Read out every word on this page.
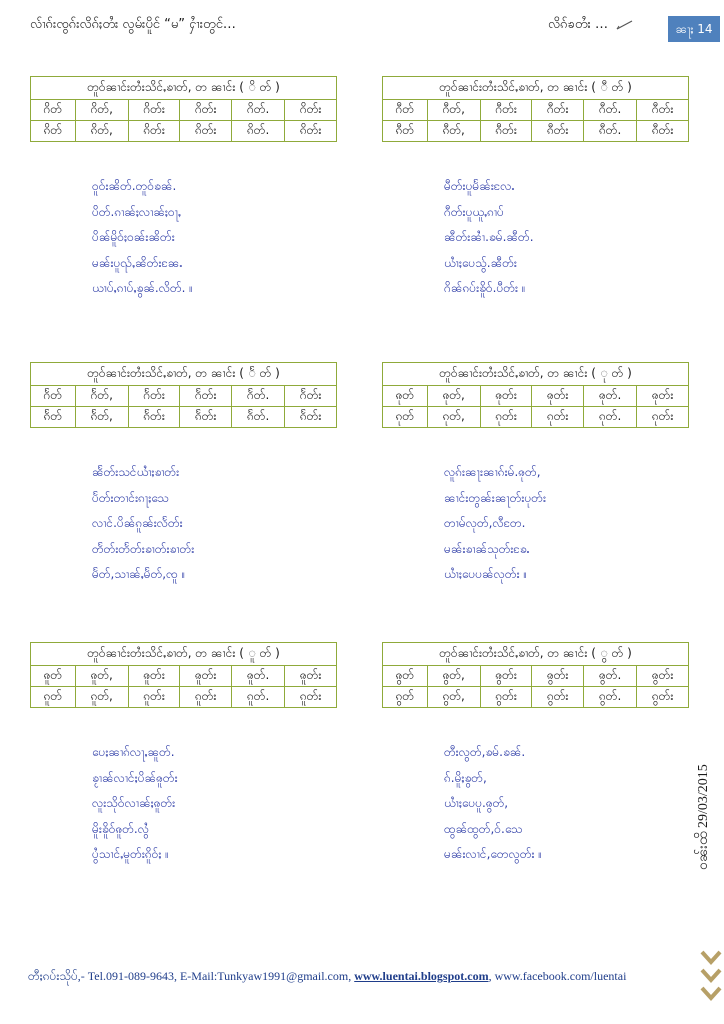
လ်ၢၵ်းၸွၵ်းလိၵ်ႈတႆး လွမ်းပိူင် “မ” ႁၢႆးတွင်…	လိၵ်ၶတႆး …	ၼႃႈ 14
တူဝ်ၼၢင်းတႆးသိင်ႇၶၢတ်, တ ၼၢင်း ( ိ တ် )					
ဂိတ်	ဂိတ်,	ဂိတ်း	ဂိတ်း	ဂိတ်.	ဂိတ်း
ၵိတ်	ၵိတ်,	ၵိတ်း	ၵိတ်း	ၵိတ်.	ၵိတ်း
ဝူဝ်းၼိတ်.တူဝ်ၶၼ်.
ပိတ်.ၵၢၼ်ႈလၢၼ်ႈဝႃႇ
ပိၼ်မိူဝ်ႈဝၼ်းၼိတ်း
မၼ်းပူၺ်ႇၼိတ်းၼႄႉ
ယၢပ်ႇၵၢပ်ႇၶွၼ်.လိတ်. ။
တူဝ်ၼၢင်းတႆးသိင်ႇၶၢတ်, တ ၼၢင်း ( ီ တ် )					
ဂီတ်	ဂီတ်,	ဂီတ်း	ဂီတ်း	ဂီတ်.	ဂီတ်း
ၵီတ်	ၵီတ်,	ၵီတ်း	ၵီတ်း	ၵီတ်.	ၵီတ်း
မီတ်းပူမႅၼ်းလႄႉ
ဂီတ်းပူယူႇၵၢပ်
ၼီတ်းၼၢႆ.ၶမ်.ၼီတ်.
ယၢႆႈပေသွ်.ၼီတ်း
ဂိၼ်ၵပ်းၶိူဝ်.ပီတ်း ။
တူဝ်ၼၢင်းတႆးသိင်ႇၶၢတ်, တ ၼၢင်း ( ႅ တ် )					
ဂႅတ်	ဂႅတ်,	ဂႅတ်း	ဂႅတ်း	ဂႅတ်.	ဂႅတ်း
ၵႅတ်	ၵႅတ်,	ၵႅတ်း	ၵႅတ်း	ၵႅတ်.	ၵႅတ်း
ၼႅတ်းသင်ယၢႆႈၶၢတ်း
ပႅတ်းတၢင်းၵႃႈသေ
လၢင်.ပိၼ်ၵူၼ်းလႅတ်း
တႅတ်းတႅတ်းၶၢတ်းၶၢတ်း
မႅတ်,သၢၼ်ႇမႅတ်,ၸူ ။
တူဝ်ၼၢင်းတႆးသိင်ႇၶၢတ်, တ ၼၢင်း ( ု တ် )					
ၷုတ်	ၷုတ်,	ၷုတ်း	ၷုတ်း	ၷုတ်.	ၷုတ်း
ၵုတ်	ၵုတ်,	ၵုတ်း	ၵုတ်း	ၵုတ်.	ၵုတ်း
လူၵ်းၼႃးၼၢၵ်းမ်.ၷုတ်,
ၼၢင်းတွၼ်းၼႃတ်းပုတ်း
တၢမ်လုတ်,လီတႄ.
မၼ်းၶၢၼ်သုတ်းၶႄႉ
ယၢႆႈပေပၼ်လုတ်း ။
တူဝ်ၼၢင်းတႆးသိင်ႇၶၢတ်, တ ၼၢင်း ( ူ တ် )					
ၷူတ်	ၷူတ်,	ၷူတ်း	ၷူတ်း	ၷူတ်.	ၷူတ်း
ၵူတ်	ၵူတ်,	ၵူတ်း	ၵူတ်း	ၵူတ်.	ၵူတ်း
ပေႈၼၢၵ်လႃႇၼူတ်.
ၶႂၢၼ်လၢင်ႈပိၼ်ၷူတ်း
လူးသိုဝ်လၢၼ်ႈၷူတ်း
မိူးၶိူဝ်ၷူတ်.လွႆ
ပွႆသၢင်ႇမူတ်းၵိူဝ်ႈ ။
တူဝ်ၼၢင်းတႆးသိင်ႇၶၢတ်, တ ၼၢင်း ( ွ တ် )					
ၷွတ်	ၷွတ်,	ၷွတ်း	ၷွတ်း	ၷွတ်.	ၷွတ်း
ၵွတ်	ၵွတ်,	ၵွတ်း	ၵွတ်း	ၵွတ်.	ၵွတ်း
တီးလွတ်,ၶမ်.ၶၼ်.
ၵ်.မိူႈၶွတ်,
ယၢႆႈပေပူ.ၷွတ်,
ထွၼ်ထွတ်,ဝ်.သေ
မၼ်းလၢင်,တေလွတ်း ။	ဝၼ်းထိ 29/03/2015
တီႈၵပ်းသိုပ်,- Tel.091-089-9643, E-Mail:Tunkyaw1991@gmail.com, www.luentai.blogspot.com, www.facebook.com/luentai
